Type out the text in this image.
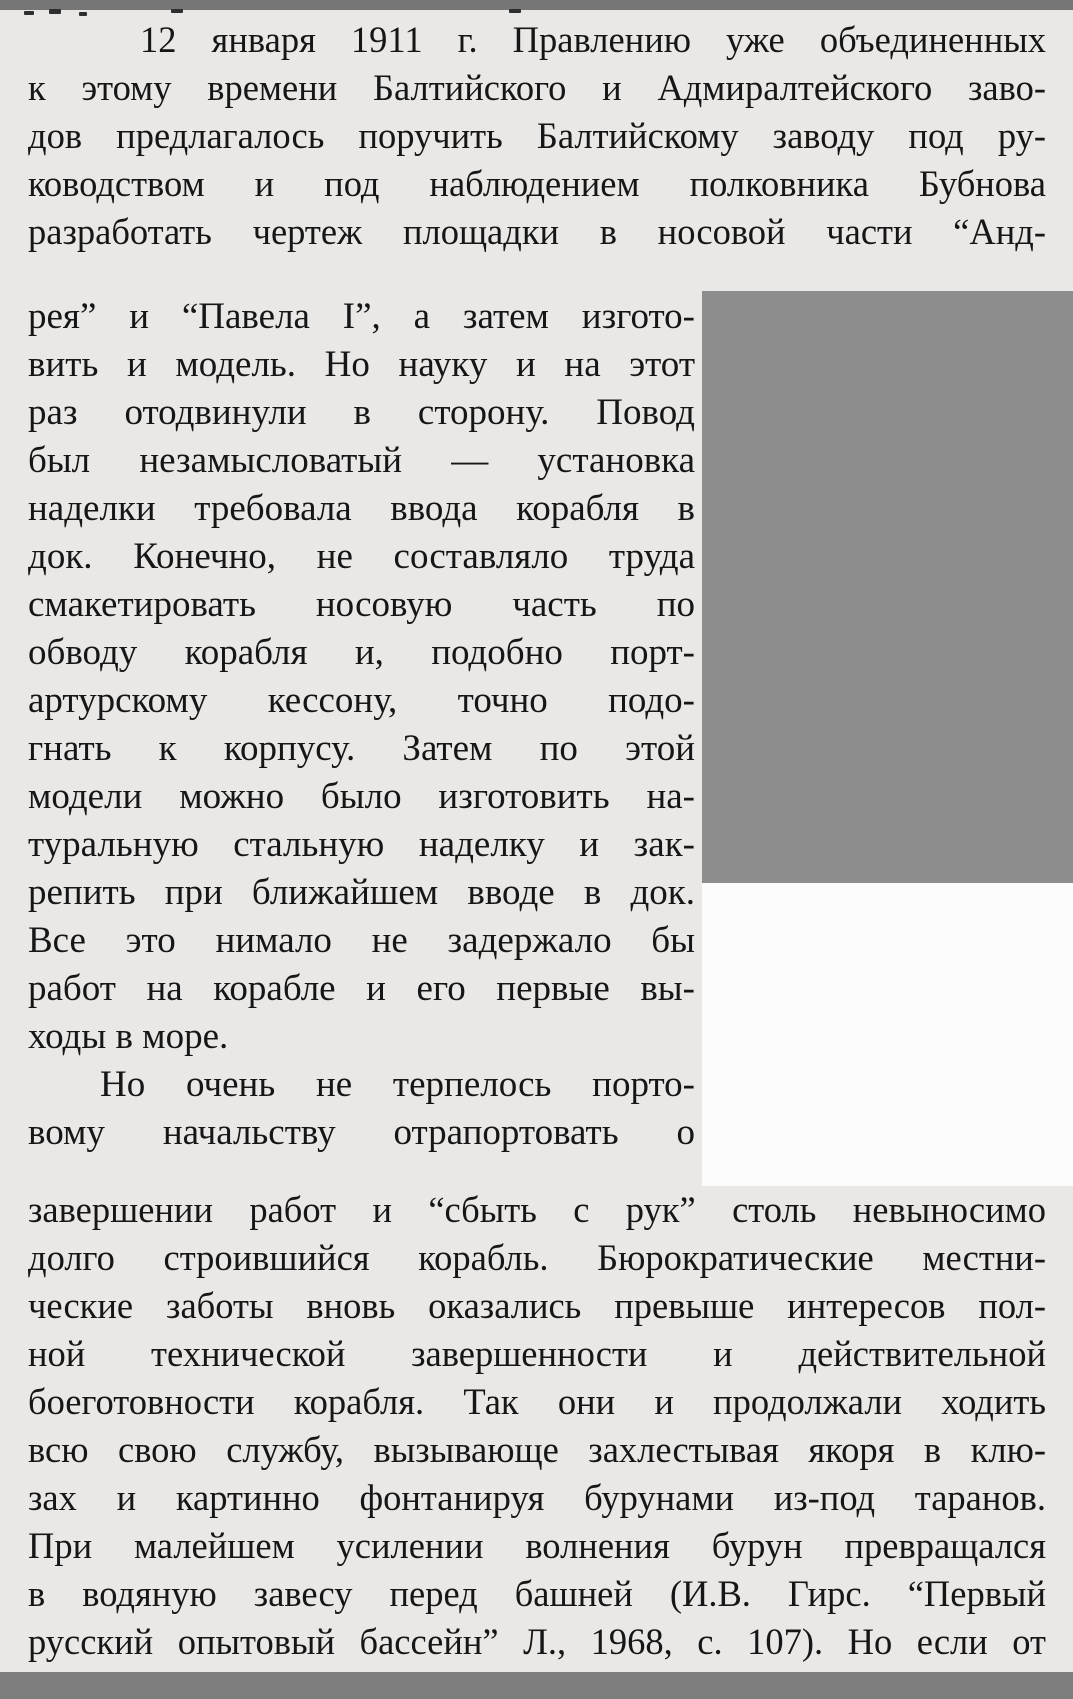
12 января 1911 г. Правлению уже объединенных
к этому времени Балтийского и Адмиралтейского заво-
дов предлагалось поручить Балтийскому заводу под ру-
ководством и под наблюдением полковника Бубнова
разработать чертеж площадки в носовой части “Анд-
рея” и “Павела I”, а затем изгото-
вить и модель. Но науку и на этот
раз отодвинули в сторону. Повод
был незамысловатый — установка
наделки требовала ввода корабля в
док. Конечно, не составляло труда
смакетировать носовую часть по
обводу корабля и, подобно порт-
артурскому кессону, точно подо-
гнать к корпусу. Затем по этой
модели можно было изготовить на-
туральную стальную наделку и зак-
репить при ближайшем вводе в док.
Все это нимало не задержало бы
работ на корабле и его первые вы-
ходы в море.
Но очень не терпелось порто-
вому начальству отрапортовать о
завершении работ и “сбыть с рук” столь невыносимо
долго строившийся корабль. Бюрократические местни-
ческие заботы вновь оказались превыше интересов пол-
ной технической завершенности и действительной
боеготовности корабля. Так они и продолжали ходить
всю свою службу, вызывающе захлестывая якоря в клю-
зах и картинно фонтанируя бурунами из-под таранов.
При малейшем усилении волнения бурун превращался
в водяную завесу перед башней (И.В. Гирс. “Первый
русский опытовый бассейн” Л., 1968, с. 107). Но если от
